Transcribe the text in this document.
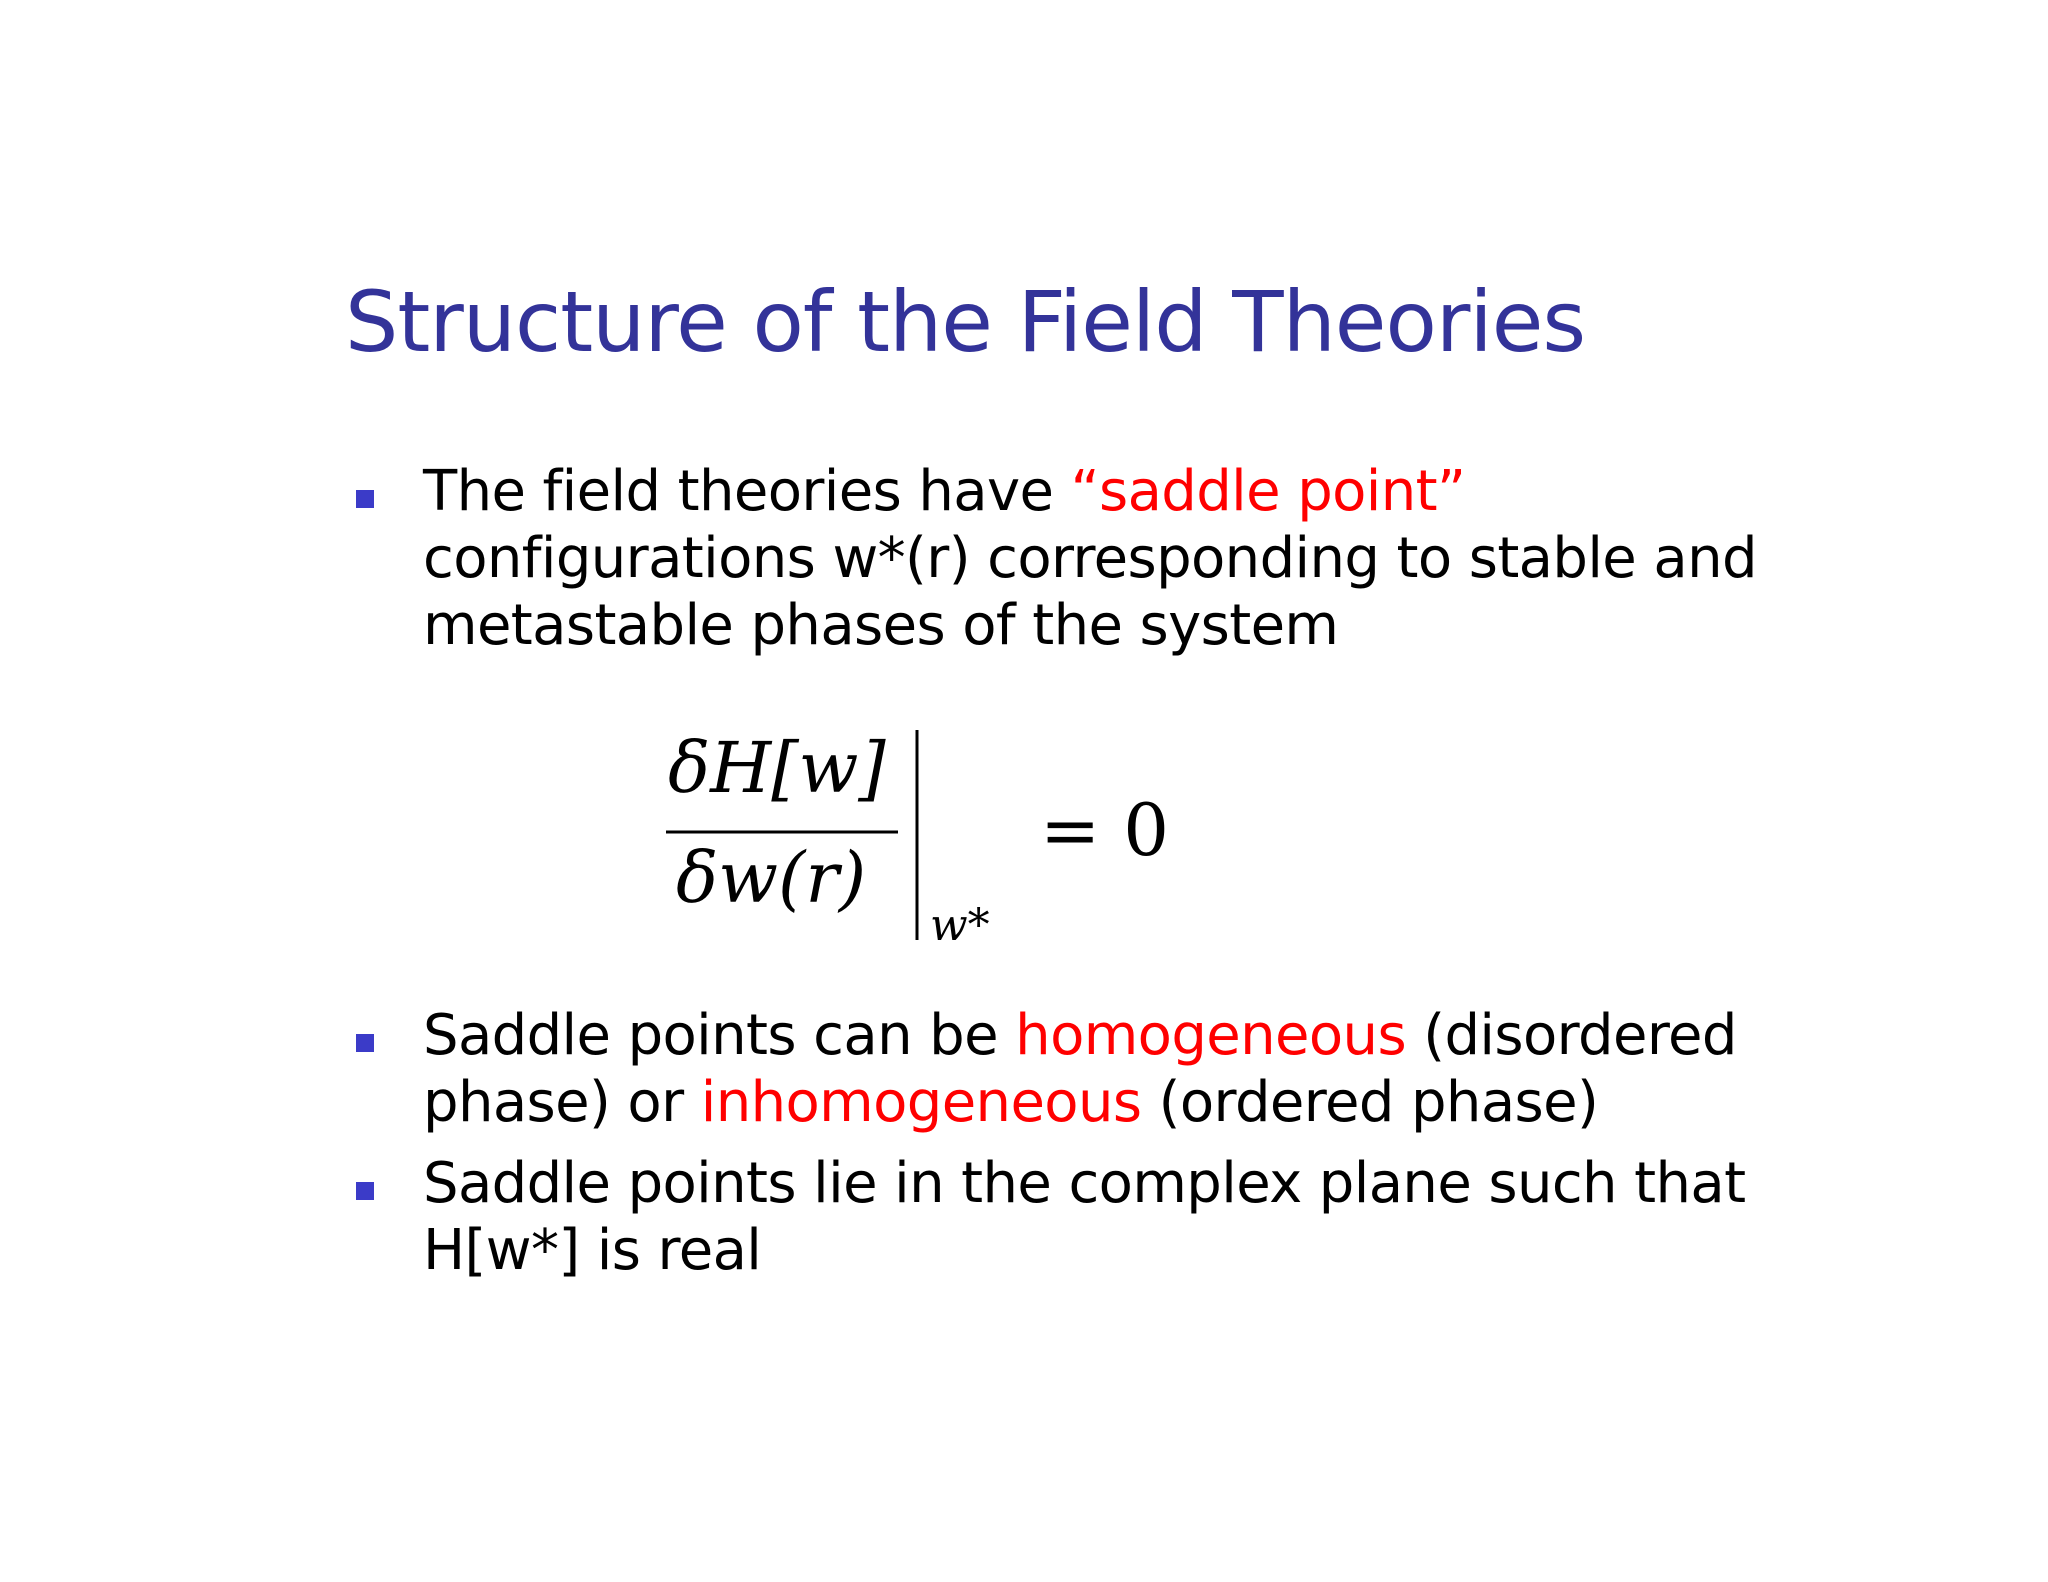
Structure of the Field Theories
The field theories have “saddle point”
configurations w*(r) corresponding to stable and
metastable phases of the system
δH[w]
δw(r)
w*
= 0
Saddle points can be homogeneous (disordered
phase) or inhomogeneous (ordered phase)
Saddle points lie in the complex plane such that
H[w*] is real
